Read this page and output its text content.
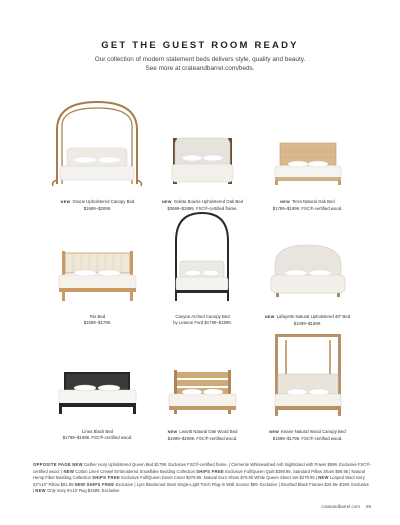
GET THE GUEST ROOM READY
Our collection of modern statement beds delivers style, quality and beauty.
See more at crateandbarrel.com/beds.
NEW Gracie Upholstered Canopy Bed
$1699–$2099.
NEW Goleta Boucle Upholstered Oak Bed
$2699–$2899. FSC®-certified frame.
NEW Terra Natural Oak Bed
$1799–$1999. FSC®-certified wood.
Rio Bed
$1599–$1799.
Canyon Arched Canopy Bed
by Leanne Ford $1799–$1999.
NEW Lafayette Natural Upholstered 48" Bed
$1099–$1599.
Linea Black Bed
$1799–$1999. FSC®-certified wood.
NEW Leavitt Natural Oak Wood Bed
$1999–$2099. FSC®-certified wood.
NEW Keane Natural Wood Canopy Bed
$1599–$1799. FSC®-certified wood.
OPPOSITE PAGE NEW Gather Ivory Upholstered Queen Bed $1799. Exclusive FSC®-certified frame. | Clemente Whitewashed Ash Nightstand with Power $599. Exclusive FSC®-certified wood. | NEW Cotton Linen Crewel Embroidered Snowflake Bedding Collection SHIPS FREE Exclusive Full/Queen Quilt $399.95. Standard Pillow Sham $69.95 | Natural Hemp Fiber Bedding Collection SHIPS FREE Exclusive Full/Queen Duvet Cover $279.95. Natural Euro Sham $79.95 White Queen Sheet Set $279.95 | NEW Looped Wool Ivory 22"x10" Pillow $61.95 NEW SHIPS FREE Exclusive | Lyre Blackened Steel Single-Light Torch Plug-In Wall Sconce $89. Exclusive | Brushed Black Frames $24.95–$199. Exclusive | NEW Only Ivory 8'x10' Rug $1599. Exclusive.
crateandbarrel.com 89
